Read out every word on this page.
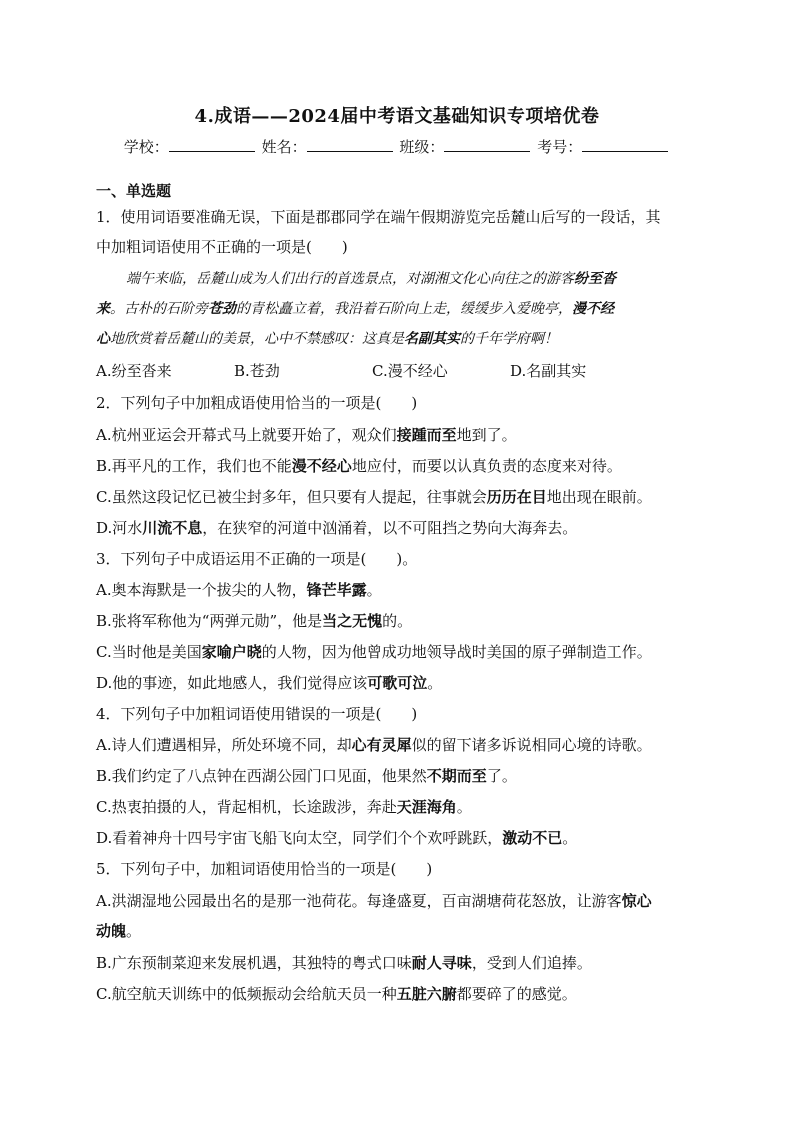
4.成语——2024届中考语文基础知识专项培优卷
学校：	姓名：	班级：	考号：
一、单选题
1．使用词语要准确无误，下面是郡郡同学在端午假期游览完岳麓山后写的一段话，其
中加粗词语使用不正确的一项是(　　)
端午来临，岳麓山成为人们出行的首选景点，对湖湘文化心向往之的游客纷至沓
来。古朴的石阶旁苍劲的青松矗立着，我沿着石阶向上走，缓缓步入爱晚亭，漫不经
心地欣赏着岳麓山的美景，心中不禁感叹：这真是名副其实的千年学府啊！
A.纷至沓来	B.苍劲	C.漫不经心	D.名副其实
2．下列句子中加粗成语使用恰当的一项是(　　)
A.杭州亚运会开幕式马上就要开始了，观众们接踵而至地到了。
B.再平凡的工作，我们也不能漫不经心地应付，而要以认真负责的态度来对待。
C.虽然这段记忆已被尘封多年，但只要有人提起，往事就会历历在目地出现在眼前。
D.河水川流不息，在狭窄的河道中汹涌着，以不可阻挡之势向大海奔去。
3．下列句子中成语运用不正确的一项是(　　)。
A.奥本海默是一个拔尖的人物，锋芒毕露。
B.张将军称他为“两弹元勋”，他是当之无愧的。
C.当时他是美国家喻户晓的人物，因为他曾成功地领导战时美国的原子弹制造工作。
D.他的事迹，如此地感人，我们觉得应该可歌可泣。
4．下列句子中加粗词语使用错误的一项是(　　)
A.诗人们遭遇相异，所处环境不同，却心有灵犀似的留下诸多诉说相同心境的诗歌。
B.我们约定了八点钟在西湖公园门口见面，他果然不期而至了。
C.热衷拍摄的人，背起相机，长途跋涉，奔赴天涯海角。
D.看着神舟十四号宇宙飞船飞向太空，同学们个个欢呼跳跃，激动不已。
5．下列句子中，加粗词语使用恰当的一项是(　　)
A.洪湖湿地公园最出名的是那一池荷花。每逢盛夏，百亩湖塘荷花怒放，让游客惊心
动魄。
B.广东预制菜迎来发展机遇，其独特的粤式口味耐人寻味，受到人们追捧。
C.航空航天训练中的低频振动会给航天员一种五脏六腑都要碎了的感觉。
